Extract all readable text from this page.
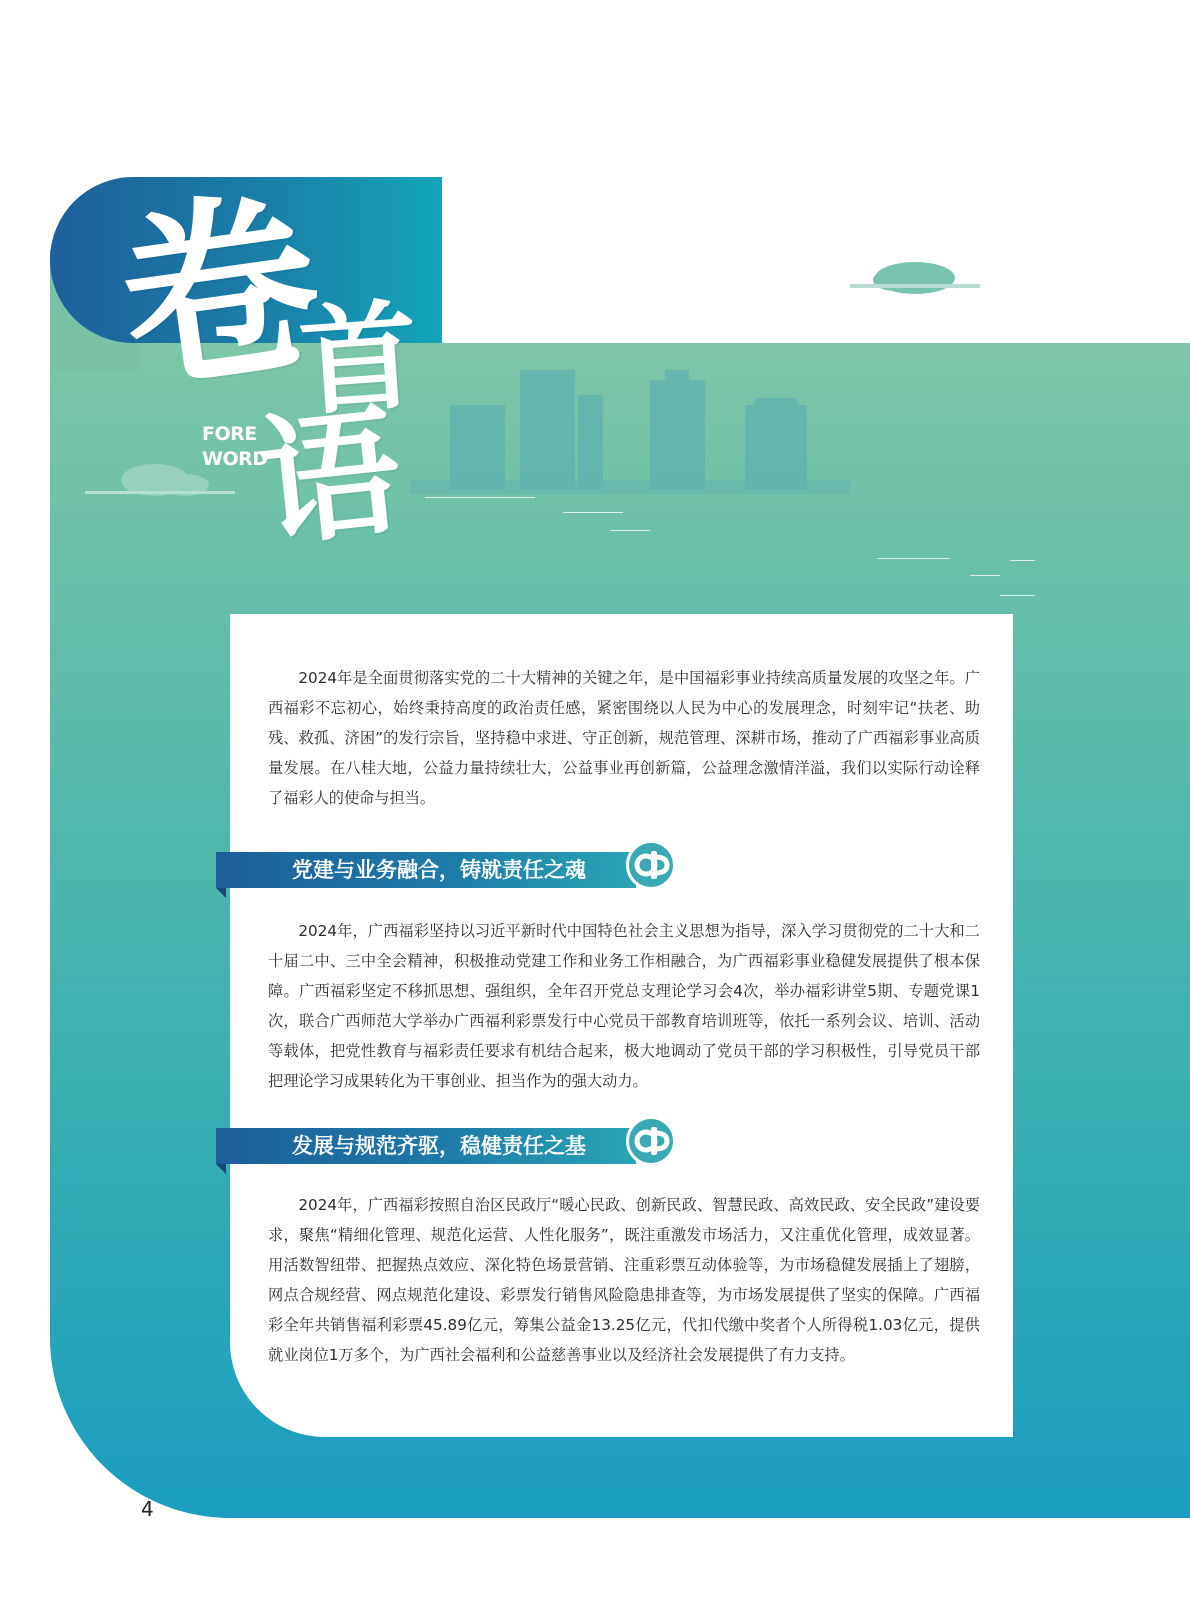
卷
首
语
FORE
WORD

2024年是全面贯彻落实党的二十大精神的关键之年，是中国福彩事业持续高质量发展的攻坚之年。广西福彩不忘初心，始终秉持高度的政治责任感，紧密围绕以人民为中心的发展理念，时刻牢记“扶老、助残、救孤、济困”的发行宗旨，坚持稳中求进、守正创新，规范管理、深耕市场，推动了广西福彩事业高质量发展。在八桂大地，公益力量持续壮大，公益事业再创新篇，公益理念激情洋溢，我们以实际行动诠释了福彩人的使命与担当。

党建与业务融合，铸就责任之魂

2024年，广西福彩坚持以习近平新时代中国特色社会主义思想为指导，深入学习贯彻党的二十大和二十届二中、三中全会精神，积极推动党建工作和业务工作相融合，为广西福彩事业稳健发展提供了根本保障。广西福彩坚定不移抓思想、强组织，全年召开党总支理论学习会4次，举办福彩讲堂5期、专题党课1次，联合广西师范大学举办广西福利彩票发行中心党员干部教育培训班等，依托一系列会议、培训、活动等载体，把党性教育与福彩责任要求有机结合起来，极大地调动了党员干部的学习积极性，引导党员干部把理论学习成果转化为干事创业、担当作为的强大动力。

发展与规范齐驱，稳健责任之基

2024年，广西福彩按照自治区民政厅“暖心民政、创新民政、智慧民政、高效民政、安全民政”建设要求，聚焦“精细化管理、规范化运营、人性化服务”，既注重激发市场活力，又注重优化管理，成效显著。用活数智纽带、把握热点效应、深化特色场景营销、注重彩票互动体验等，为市场稳健发展插上了翅膀，网点合规经营、网点规范化建设、彩票发行销售风险隐患排查等，为市场发展提供了坚实的保障。广西福彩全年共销售福利彩票45.89亿元，筹集公益金13.25亿元，代扣代缴中奖者个人所得税1.03亿元，提供就业岗位1万多个，为广西社会福利和公益慈善事业以及经济社会发展提供了有力支持。

4
